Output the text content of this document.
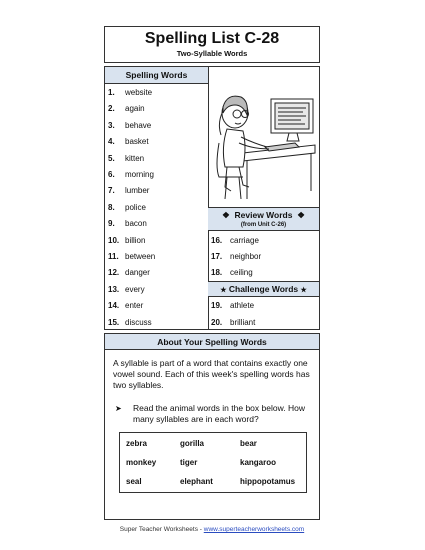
Spelling List C-28
Two-Syllable Words
Spelling Words
1. website
2. again
3. behave
4. basket
5. kitten
6. morning
7. lumber
8. police
9. bacon
10. billion
11. between
12. danger
13. every
14. enter
15. discuss
❖ Review Words ❖
(from Unit C-26)
16. carriage
17. neighbor
18. ceiling
★ Challenge Words ★
19. athlete
20. brilliant
About Your Spelling Words
A syllable is part of a word that contains exactly one vowel sound. Each of this week's spelling words has two syllables.
➤ Read the animal words in the box below. How many syllables are in each word?
zebra	gorilla	bear
monkey	tiger	kangaroo
seal	elephant	hippopotamus
Super Teacher Worksheets - www.superteacherworksheets.com
